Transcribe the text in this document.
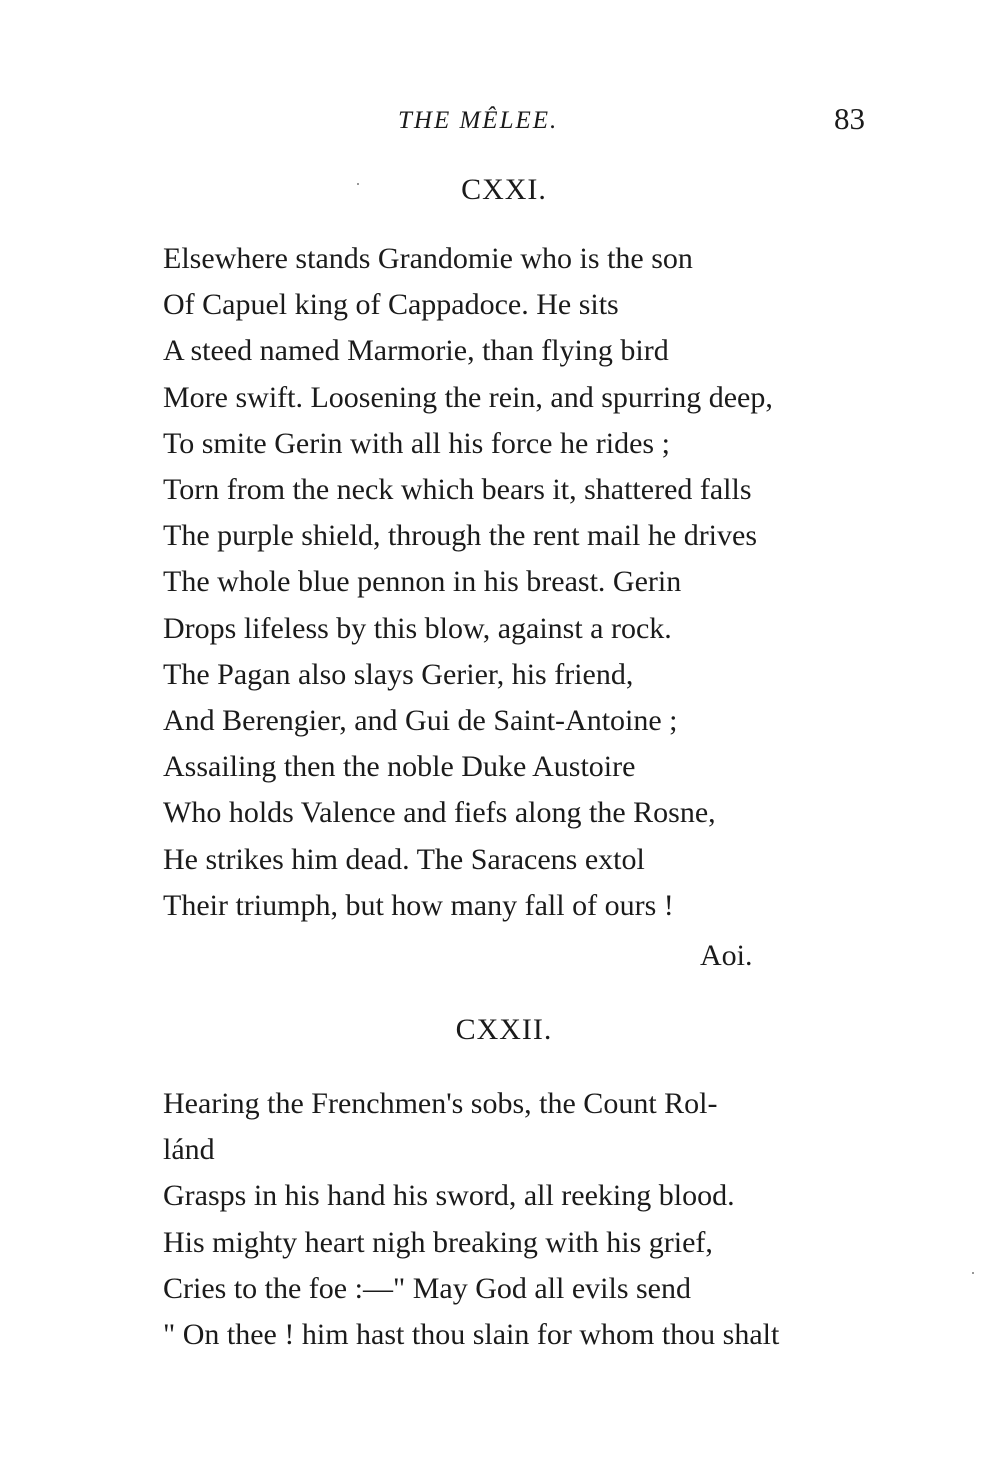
THE MÊLEE.	83
CXXI.
Elsewhere stands Grandomie who is the son
Of Capuel king of Cappadoce. He sits
A steed named Marmorie, than flying bird
More swift. Loosening the rein, and spurring deep,
To smite Gerin with all his force he rides ;
Torn from the neck which bears it, shattered falls
The purple shield, through the rent mail he drives
The whole blue pennon in his breast. Gerin
Drops lifeless by this blow, against a rock.
The Pagan also slays Gerier, his friend,
And Berengier, and Gui de Saint-Antoine ;
Assailing then the noble Duke Austoire
Who holds Valence and fiefs along the Rosne,
He strikes him dead. The Saracens extol
Their triumph, but how many fall of ours !
Aoi.
CXXII.
Hearing the Frenchmen's sobs, the Count Rol-
lánd
Grasps in his hand his sword, all reeking blood.
His mighty heart nigh breaking with his grief,
Cries to the foe :—" May God all evils send
" On thee ! him hast thou slain for whom thou shalt
